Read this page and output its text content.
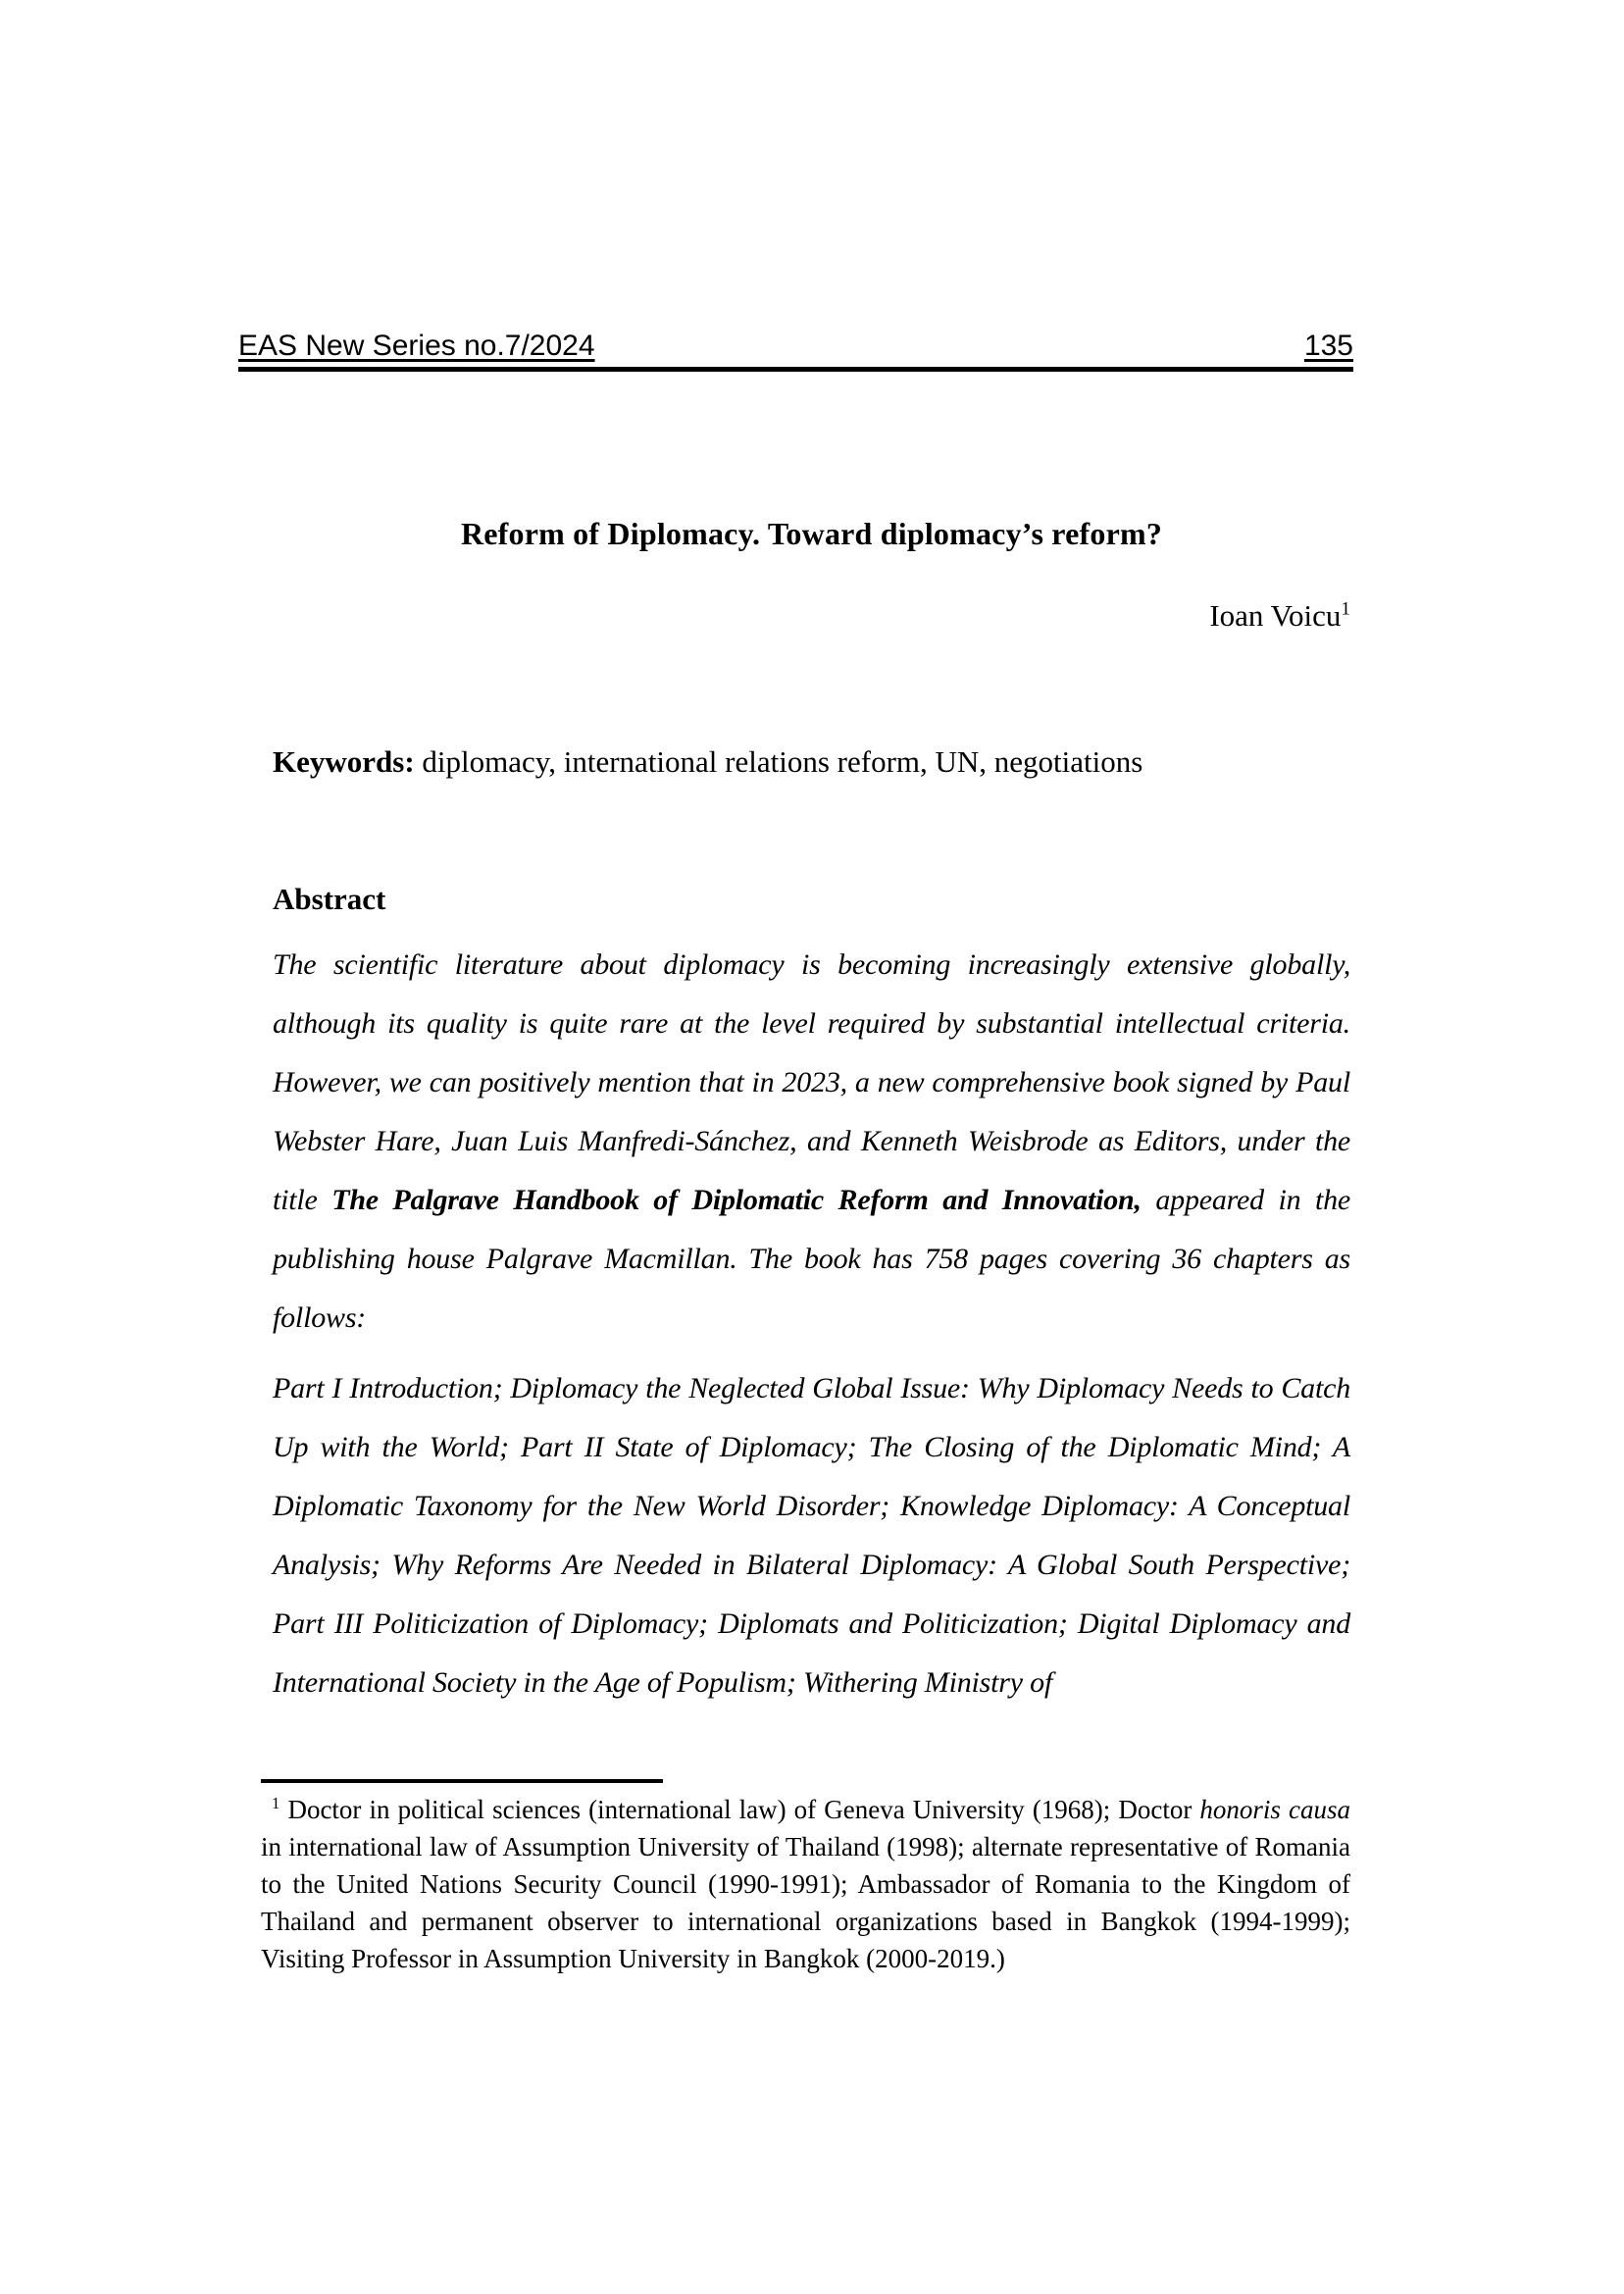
EAS New Series no.7/2024	135
Reform of Diplomacy. Toward diplomacy’s reform?
Ioan Voicu$^1$
Keywords: diplomacy, international relations reform, UN, negotiations
Abstract

The scientific literature about diplomacy is becoming increasingly extensive globally, although its quality is quite rare at the level required by substantial intellectual criteria. However, we can positively mention that in 2023, a new comprehensive book signed by Paul Webster Hare, Juan Luis Manfredi-Sánchez, and Kenneth Weisbrode as Editors, under the title The Palgrave Handbook of Diplomatic Reform and Innovation, appeared in the publishing house Palgrave Macmillan. The book has 758 pages covering 36 chapters as follows:

Part I Introduction; Diplomacy the Neglected Global Issue: Why Diplomacy Needs to Catch Up with the World; Part II State of Diplomacy; The Closing of the Diplomatic Mind; A Diplomatic Taxonomy for the New World Disorder; Knowledge Diplomacy: A Conceptual Analysis; Why Reforms Are Needed in Bilateral Diplomacy: A Global South Perspective; Part III Politicization of Diplomacy; Diplomats and Politicization; Digital Diplomacy and International Society in the Age of Populism; Withering Ministry of

$^1$ Doctor in political sciences (international law) of Geneva University (1968); Doctor honoris causa in international law of Assumption University of Thailand (1998); alternate representative of Romania to the United Nations Security Council (1990-1991); Ambassador of Romania to the Kingdom of Thailand and permanent observer to international organizations based in Bangkok (1994-1999); Visiting Professor in Assumption University in Bangkok (2000-2019.)
